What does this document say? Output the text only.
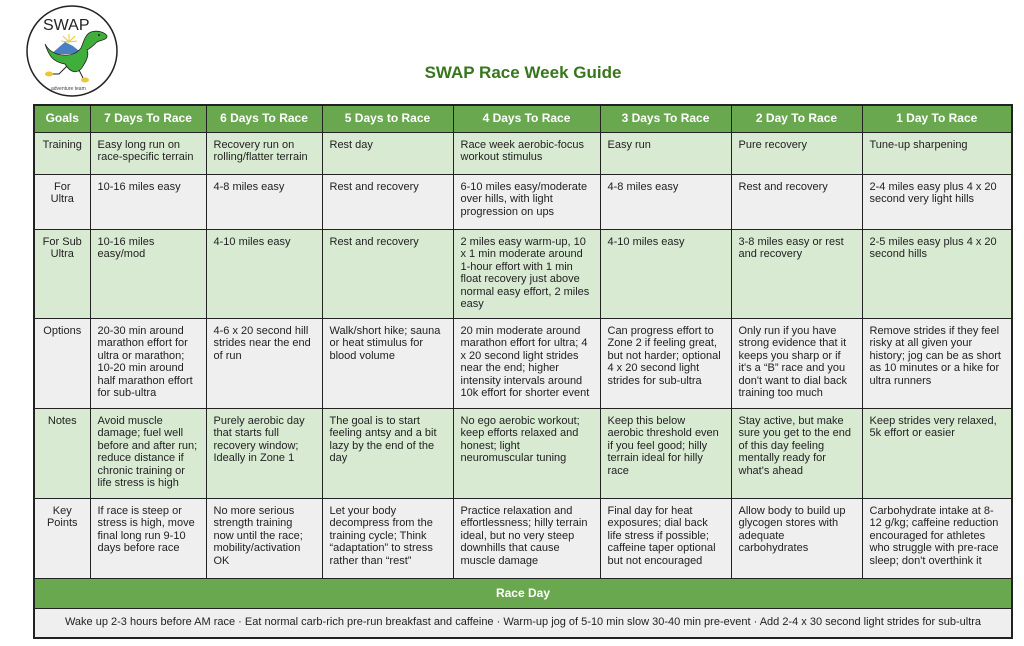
SWAP
adventure team
SWAP Race Week Guide
Goals	7 Days To Race	6 Days To Race	5 Days to Race	4 Days To Race	3 Days To Race	2 Day To Race	1 Day To Race
Training	Easy long run on race-specific terrain	Recovery run on rolling/flatter terrain	Rest day	Race week aerobic-focus workout stimulus	Easy run	Pure recovery	Tune-up sharpening
For Ultra	10-16 miles easy	4-8 miles easy	Rest and recovery	6-10 miles easy/moderate over hills, with light progression on ups	4-8 miles easy	Rest and recovery	2-4 miles easy plus 4 x 20 second very light hills
For Sub Ultra	10-16 miles easy/mod	4-10 miles easy	Rest and recovery	2 miles easy warm-up, 10 x 1 min moderate around 1-hour effort with 1 min float recovery just above normal easy effort, 2 miles easy	4-10 miles easy	3-8 miles easy or rest and recovery	2-5 miles easy plus 4 x 20 second hills
Options	20-30 min around marathon effort for ultra or marathon; 10-20 min around half marathon effort for sub-ultra	4-6 x 20 second hill strides near the end of run	Walk/short hike; sauna or heat stimulus for blood volume	20 min moderate around marathon effort for ultra; 4 x 20 second light strides near the end; higher intensity intervals around 10k effort for shorter event	Can progress effort to Zone 2 if feeling great, but not harder; optional 4 x 20 second light strides for sub-ultra	Only run if you have strong evidence that it keeps you sharp or if it's a “B” race and you don't want to dial back training too much	Remove strides if they feel risky at all given your history; jog can be as short as 10 minutes or a hike for ultra runners
Notes	Avoid muscle damage; fuel well before and after run; reduce distance if chronic training or life stress is high	Purely aerobic day that starts full recovery window; Ideally in Zone 1	The goal is to start feeling antsy and a bit lazy by the end of the day	No ego aerobic workout; keep efforts relaxed and honest; light neuromuscular tuning	Keep this below aerobic threshold even if you feel good; hilly terrain ideal for hilly race	Stay active, but make sure you get to the end of this day feeling mentally ready for what's ahead	Keep strides very relaxed, 5k effort or easier
Key Points	If race is steep or stress is high, move final long run 9-10 days before race	No more serious strength training now until the race; mobility/activation OK	Let your body decompress from the training cycle; Think “adaptation” to stress rather than “rest”	Practice relaxation and effortlessness; hilly terrain ideal, but no very steep downhills that cause muscle damage	Final day for heat exposures; dial back life stress if possible; caffeine taper optional but not encouraged	Allow body to build up glycogen stores with adequate carbohydrates	Carbohydrate intake at 8-12 g/kg; caffeine reduction encouraged for athletes who struggle with pre-race sleep; don't overthink it
Race Day							
Wake up 2-3 hours before AM race · Eat normal carb-rich pre-run breakfast and caffeine · Warm-up jog of 5-10 min slow 30-40 min pre-event · Add 2-4 x 30 second light strides for sub-ultra							
